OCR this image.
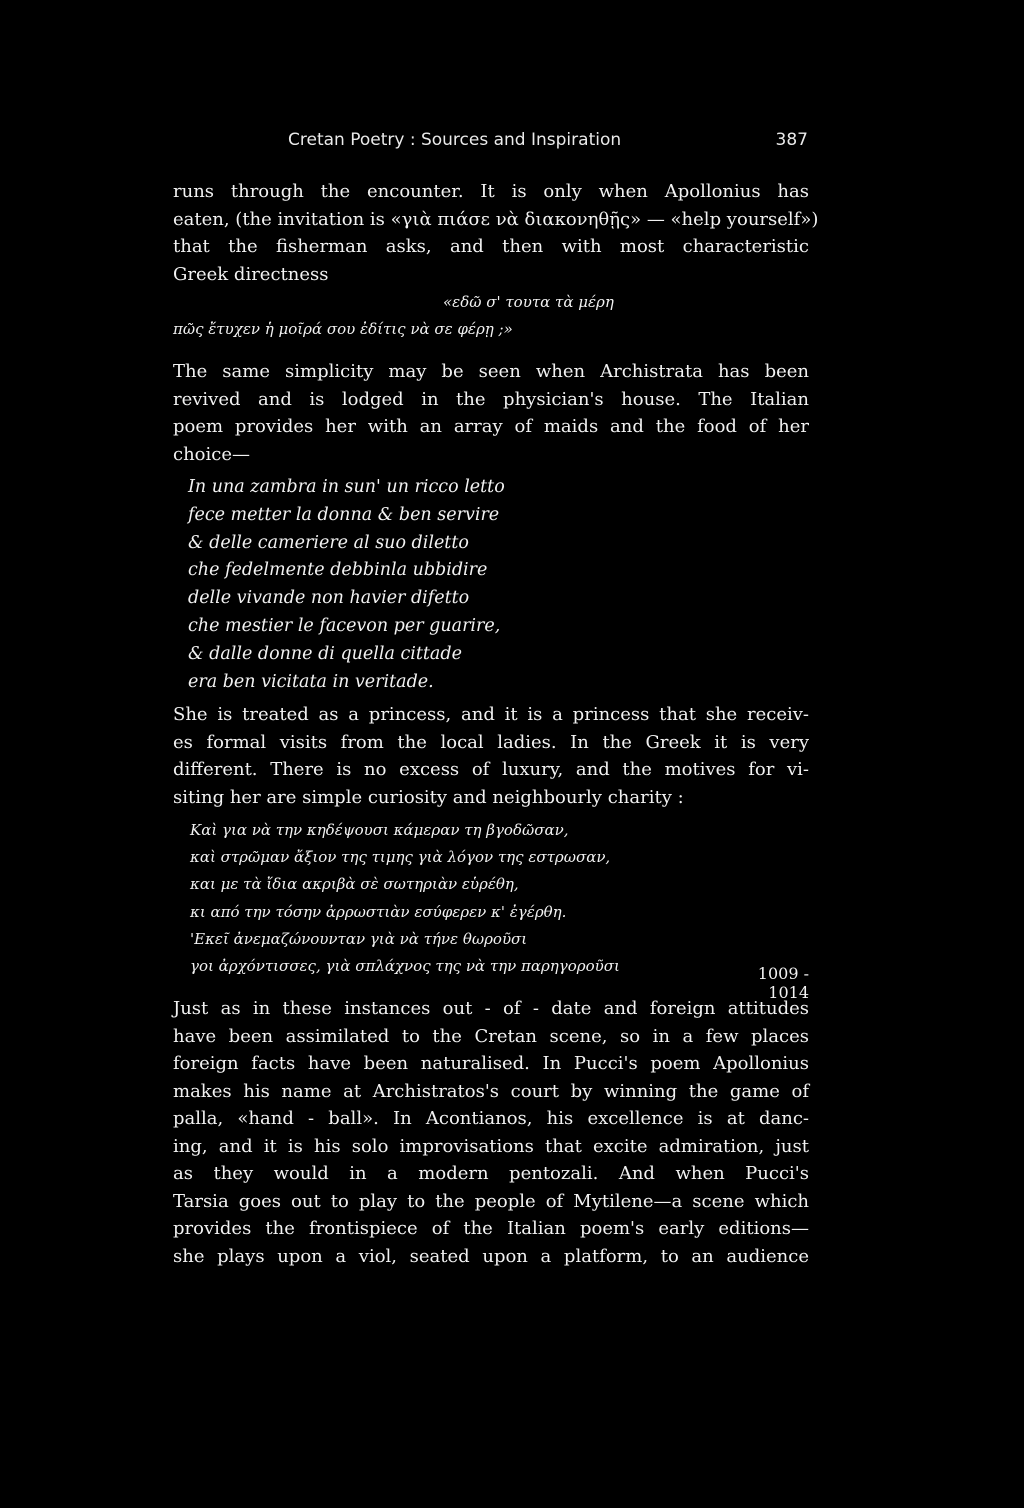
Cretan Poetry : Sources and Inspiration	387
runs through the encounter. It is only when Apollonius has
eaten, (the invitation is «γιὰ πιάσε νὰ διακονηθῇς» — «help yourself»)
that the fisherman asks, and then with most characteristic
Greek directness
«εδῶ σ' τουτα τὰ μέρη
πῶς ἔτυχεν ἡ μοῖρά σου ἐδίτις νὰ σε φέρῃ ;»
The same simplicity may be seen when Archistrata has been
revived and is lodged in the physician's house. The Italian
poem provides her with an array of maids and the food of her
choice—
In una zambra in sun' un ricco letto
fece metter la donna & ben servire
& delle cameriere al suo diletto
che fedelmente debbinla ubbidire
delle vivande non havier difetto
che mestier le facevon per guarire,
& dalle donne di quella cittade
era ben vicitata in veritade.
She is treated as a princess, and it is a princess that she receiv-
es formal visits from the local ladies. In the Greek it is very
different. There is no excess of luxury, and the motives for vi-
siting her are simple curiosity and neighbourly charity :
Καὶ για νὰ την κηδέψουσι κάμεραν τη βγοδῶσαν,
καὶ στρῶμαν ἄξιον της τιμης γιὰ λόγον της εστρωσαν,
και με τὰ ἴδια ακριβὰ σὲ σωτηριὰν εὑρέθη,
κι από την τόσην ἀρρωστιὰν εσύφερεν κ' ἐγέρθη.
'Εκεῖ ἀνεμαζώνουνταν γιὰ νὰ τήνε θωροῦσι
γοι ἀρχόντισσες, γιὰ σπλάχνος της νὰ την παρηγοροῦσι	1009 - 1014
Just as in these instances out - of - date and foreign attitudes
have been assimilated to the Cretan scene, so in a few places
foreign facts have been naturalised. In Pucci's poem Apollonius
makes his name at Archistratos's court by winning the game of
palla, «hand - ball». In Acontianos, his excellence is at danc-
ing, and it is his solo improvisations that excite admiration, just
as they would in a modern pentozali. And when Pucci's
Tarsia goes out to play to the people of Mytilene—a scene which
provides the frontispiece of the Italian poem's early editions—
she plays upon a viol, seated upon a platform, to an audience
